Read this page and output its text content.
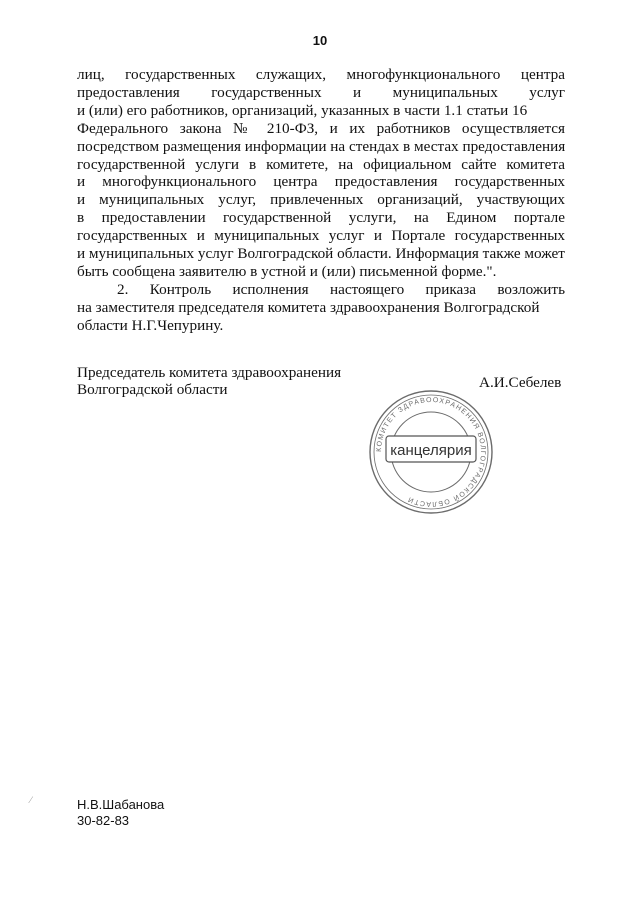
10
лиц, государственных служащих, многофункционального центра
предоставления государственных и муниципальных услуг
и (или) его работников, организаций, указанных в части 1.1 статьи 16
Федерального закона № 210-ФЗ, и их работников осуществляется
посредством размещения информации на стендах в местах предоставления
государственной услуги в комитете, на официальном сайте комитета
и многофункционального центра предоставления государственных
и муниципальных услуг, привлеченных организаций, участвующих
в предоставлении государственной услуги, на Едином портале
государственных и муниципальных услуг и Портале государственных
и муниципальных услуг Волгоградской области. Информация также может
быть сообщена заявителю в устной и (или) письменной форме.".
2. Контроль исполнения настоящего приказа возложить
на заместителя председателя комитета здравоохранения Волгоградской
области Н.Г.Чепурину.
Председатель комитета здравоохранения
Волгоградской области	А.И.Себелев
КОМИТЕТ ЗДРАВООХРАНЕНИЯ ВОЛГОГРАДСКОЙ ОБЛАСТИ
канцелярия
⁄	Н.В.Шабанова
30-82-83
